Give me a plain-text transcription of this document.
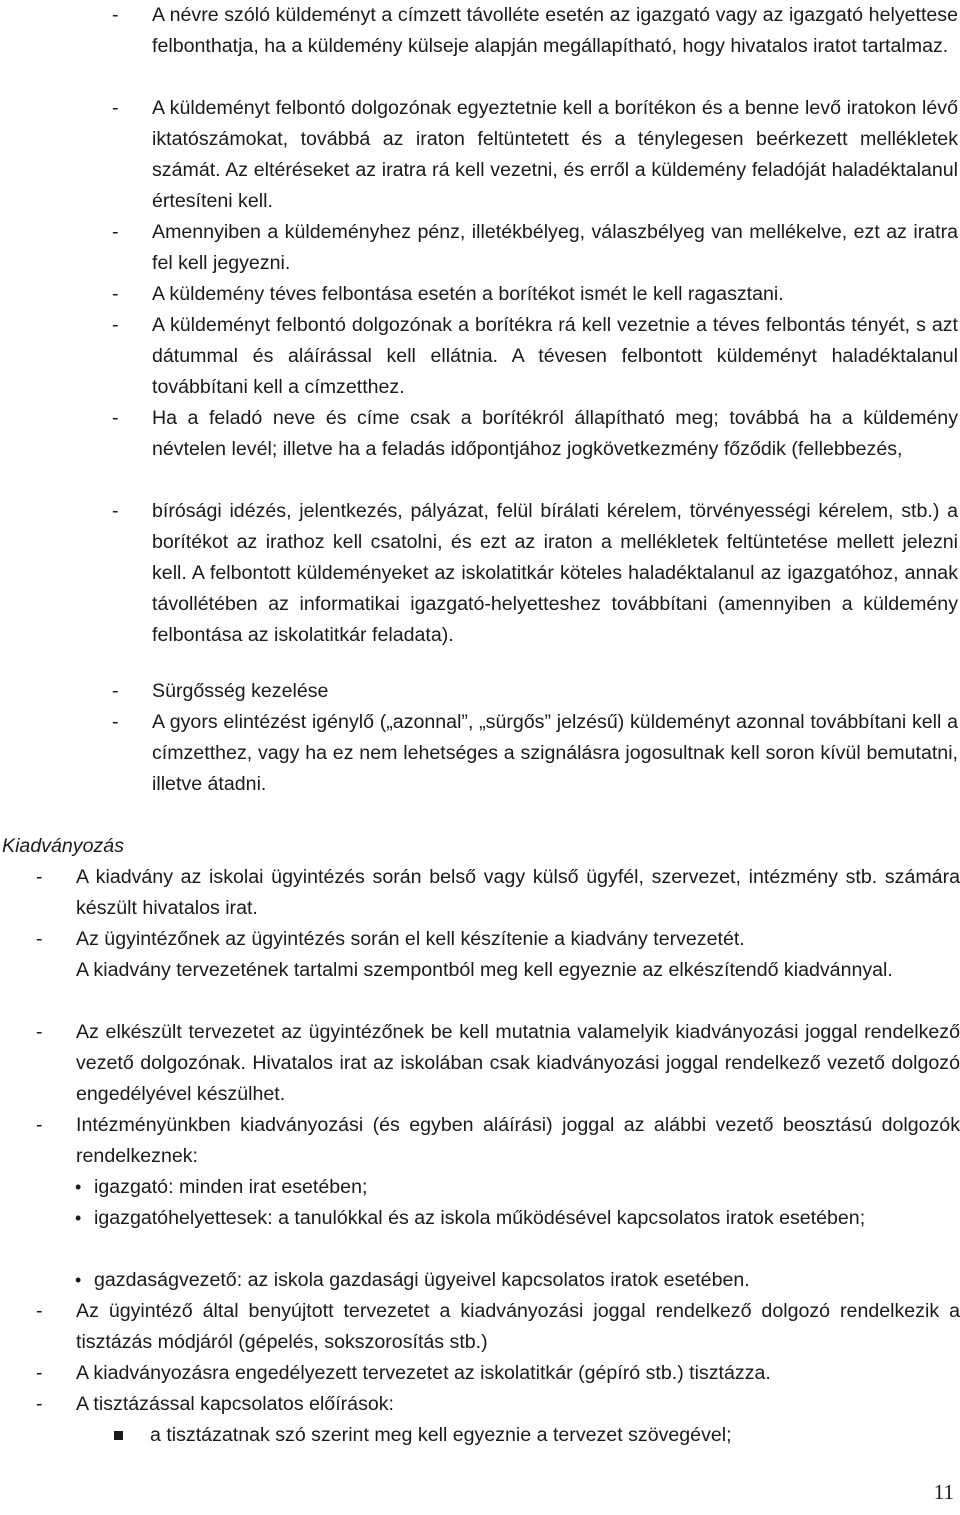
- A névre szóló küldeményt a címzett távolléte esetén az igazgató vagy az igazgató helyettese felbonthatja, ha a küldemény külseje alapján megállapítható, hogy hivatalos iratot tartalmaz.
- A küldeményt felbontó dolgozónak egyeztetnie kell a borítékon és a benne levő iratokon lévő iktatószámokat, továbbá az iraton feltüntetett és a ténylegesen beérkezett mellékletek számát. Az eltéréseket az iratra rá kell vezetni, és erről a küldemény feladóját haladéktalanul értesíteni kell.
- Amennyiben a küldeményhez pénz, illetékbélyeg, válaszbélyeg van mellékelve, ezt az iratra fel kell jegyezni.
- A küldemény téves felbontása esetén a borítékot ismét le kell ragasztani.
- A küldeményt felbontó dolgozónak a borítékra rá kell vezetnie a téves felbontás tényét, s azt dátummal és aláírással kell ellátnia. A tévesen felbontott küldeményt haladéktalanul továbbítani kell a címzetthez.
- Ha a feladó neve és címe csak a borítékról állapítható meg; továbbá ha a küldemény névtelen levél; illetve ha a feladás időpontjához jogkövetkezmény főződik (fellebbezés,
- bírósági idézés, jelentkezés, pályázat, felül bírálati kérelem, törvényességi kérelem, stb.) a borítékot az irathoz kell csatolni, és ezt az iraton a mellékletek feltüntetése mellett jelezni kell. A felbontott küldeményeket az iskolatitkár köteles haladéktalanul az igazgatóhoz, annak távollétében az informatikai igazgató-helyetteshez továbbítani (amennyiben a küldemény felbontása az iskolatitkár feladata).
- Sürgősség kezelése
- A gyors elintézést igénylő („azonnal”, „sürgős” jelzésű) küldeményt azonnal továbbítani kell a címzetthez, vagy ha ez nem lehetséges a szignálásra jogosultnak kell soron kívül bemutatni, illetve átadni.
Kiadványozás
- A kiadvány az iskolai ügyintézés során belső vagy külső ügyfél, szervezet, intézmény stb. számára készült hivatalos irat.
- Az ügyintézőnek az ügyintézés során el kell készítenie a kiadvány tervezetét.
A kiadvány tervezetének tartalmi szempontból meg kell egyeznie az elkészítendő kiadvánnyal.
- Az elkészült tervezetet az ügyintézőnek be kell mutatnia valamelyik kiadványozási joggal rendelkező vezető dolgozónak. Hivatalos irat az iskolában csak kiadványozási joggal rendelkező vezető dolgozó engedélyével készülhet.
- Intézményünkben kiadványozási (és egyben aláírási) joggal az alábbi vezető beosztású dolgozók rendelkeznek:
• igazgató: minden irat esetében;
• igazgatóhelyettesek: a tanulókkal és az iskola működésével kapcsolatos iratok esetében;
• gazdaságvezető: az iskola gazdasági ügyeivel kapcsolatos iratok esetében.
- Az ügyintéző által benyújtott tervezetet a kiadványozási joggal rendelkező dolgozó rendelkezik a tisztázás módjáról (gépelés, sokszorosítás stb.)
- A kiadványozásra engedélyezett tervezetet az iskolatitkár (gépíró stb.) tisztázza.
- A tisztázással kapcsolatos előírások:
a tisztázatnak szó szerint meg kell egyeznie a tervezet szövegével;
11
